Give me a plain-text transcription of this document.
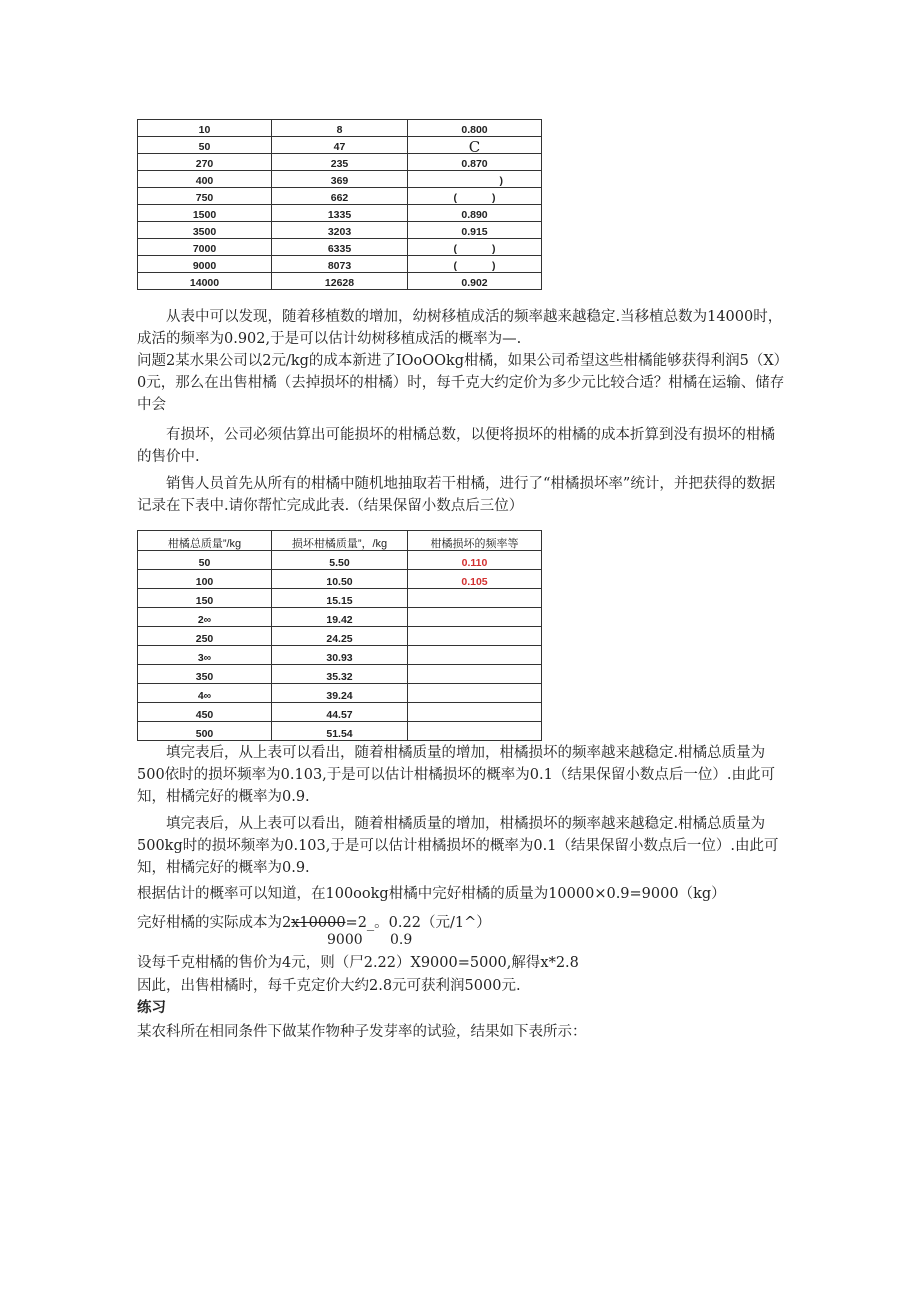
10	8	0.800
50	47	C
270	235	0.870
400	369	)
750	662	(            )
1500	1335	0.890
3500	3203	0.915
7000	6335	(            )
9000	8073	(            )
14000	12628	0.902
从表中可以发现，随着移植数的增加，幼树移植成活的频率越来越稳定.当移植总数为14000时，成活的频率为0.902,于是可以估计幼树移植成活的概率为—.
问题2某水果公司以2元/kg的成本新进了IOoOOkg柑橘，如果公司希望这些柑橘能够获得利润5（X）0元，那么在出售柑橘（去掉损坏的柑橘）时，每千克大约定价为多少元比较合适？柑橘在运输、储存中会
有损坏，公司必须估算出可能损坏的柑橘总数，以便将损坏的柑橘的成本折算到没有损坏的柑橘的售价中.
销售人员首先从所有的柑橘中随机地抽取若干柑橘，进行了“柑橘损坏率”统计，并把获得的数据记录在下表中.请你帮忙完成此表.（结果保留小数点后三位）
柑橘总质量”/kg	损坏柑橘质量”，/kg	柑橘损坏的频率等
50	5.50	0.110
100	10.50	0.105
150	15.15	
2∞	19.42	
250	24.25	
3∞	30.93	
350	35.32	
4∞	39.24	
450	44.57	
500	51.54	
填完表后，从上表可以看出，随着柑橘质量的增加，柑橘损坏的频率越来越稳定.柑橘总质量为500依时的损坏频率为0.103,于是可以估计柑橘损坏的概率为0.1（结果保留小数点后一位）.由此可知，柑橘完好的概率为0.9.
填完表后，从上表可以看出，随着柑橘质量的增加，柑橘损坏的频率越来越稳定.柑橘总质量为500kg时的损坏频率为0.103,于是可以估计柑橘损坏的概率为0.1（结果保留小数点后一位）.由此可知，柑橘完好的概率为0.9.
根据估计的概率可以知道，在100ookg柑橘中完好柑橘的质量为10000×0.9=9000（kg）
完好柑橘的实际成本为2x10000=2_。0.22（元/1^）
9000 0.9
设每千克柑橘的售价为4元，则（尸2.22）X9000=5000,解得x*2.8
因此，出售柑橘时，每千克定价大约2.8元可获利润5000元.
练习
某农科所在相同条件下做某作物种子发芽率的试验，结果如下表所示：
